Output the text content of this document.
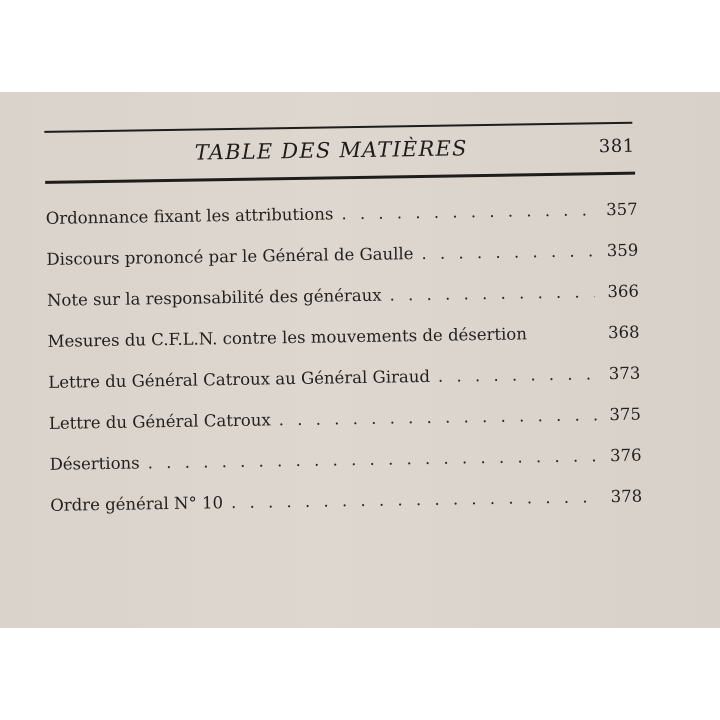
TABLE DES MATIÈRES	381
Ordonnance fixant les attributions . . .	357
Discours prononcé par le Général de Gaulle . . .	359
Note sur la responsabilité des généraux . . .	366
Mesures du C.F.L.N. contre les mouvements de désertion	368
Lettre du Général Catroux au Général Giraud . . .	373
Lettre du Général Catroux . . .	375
Désertions . . .	376
Ordre général N° 10 . . .	378
